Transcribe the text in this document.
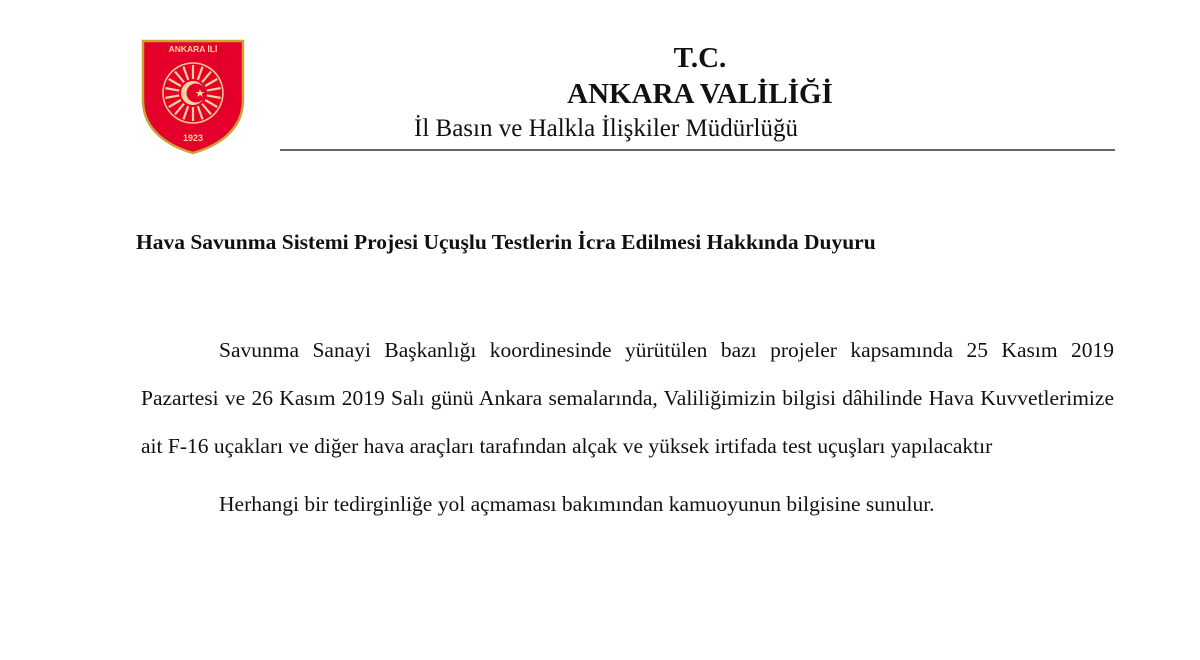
ANKARA İLİ
1923
T.C.
ANKARA VALİLİĞİ
İl Basın ve Halkla İlişkiler Müdürlüğü
Hava Savunma Sistemi Projesi Uçuşlu Testlerin İcra Edilmesi Hakkında Duyuru

Savunma Sanayi Başkanlığı koordinesinde yürütülen bazı projeler kapsamında 25 Kasım 2019 Pazartesi ve 26 Kasım 2019 Salı günü Ankara semalarında, Valiliğimizin bilgisi dâhilinde Hava Kuvvetlerimize ait F-16 uçakları ve diğer hava araçları tarafından alçak ve yüksek irtifada test uçuşları yapılacaktır

Herhangi bir tedirginliğe yol açmaması bakımından kamuoyunun bilgisine sunulur.
